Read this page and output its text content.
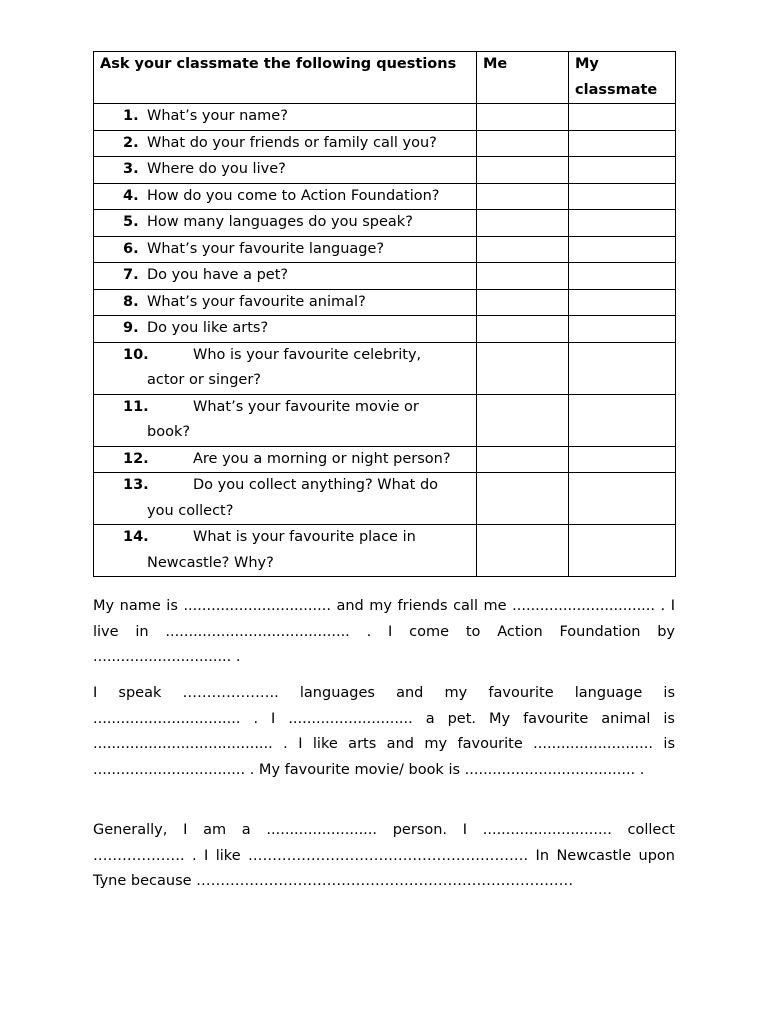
Ask your classmate the following questions	Me	My classmate

1. What’s your name?		

2. What do your friends or family call you?		

3. Where do you live?		

4. How do you come to Action Foundation?		

5. How many languages do you speak?		

6. What’s your favourite language?		

7. Do you have a pet?		

8. What’s your favourite animal?		

9. Do you like arts?		

10. Who is your favourite celebrity,
actor or singer?		

11. What’s your favourite movie or
book?		

12. Are you a morning or night person?		

13. Do you collect anything? What do
you collect?		

14. What is your favourite place in
Newcastle? Why?		

My name is ................................ and my friends call me ............................... . I live in ........................................ . I come to Action Foundation by .............................. .

I speak ……………….. languages and my favourite language is ................................ . I ........................... a pet. My favourite animal is ....................................... . I like arts and my favourite .......................... is ................................. . My favourite movie/ book is ..................................... .

Generally, I am a ........................ person. I ............................ collect ………………. . I like …………………………………………………. In Newcastle upon Tyne because ……………………………………………………………………
